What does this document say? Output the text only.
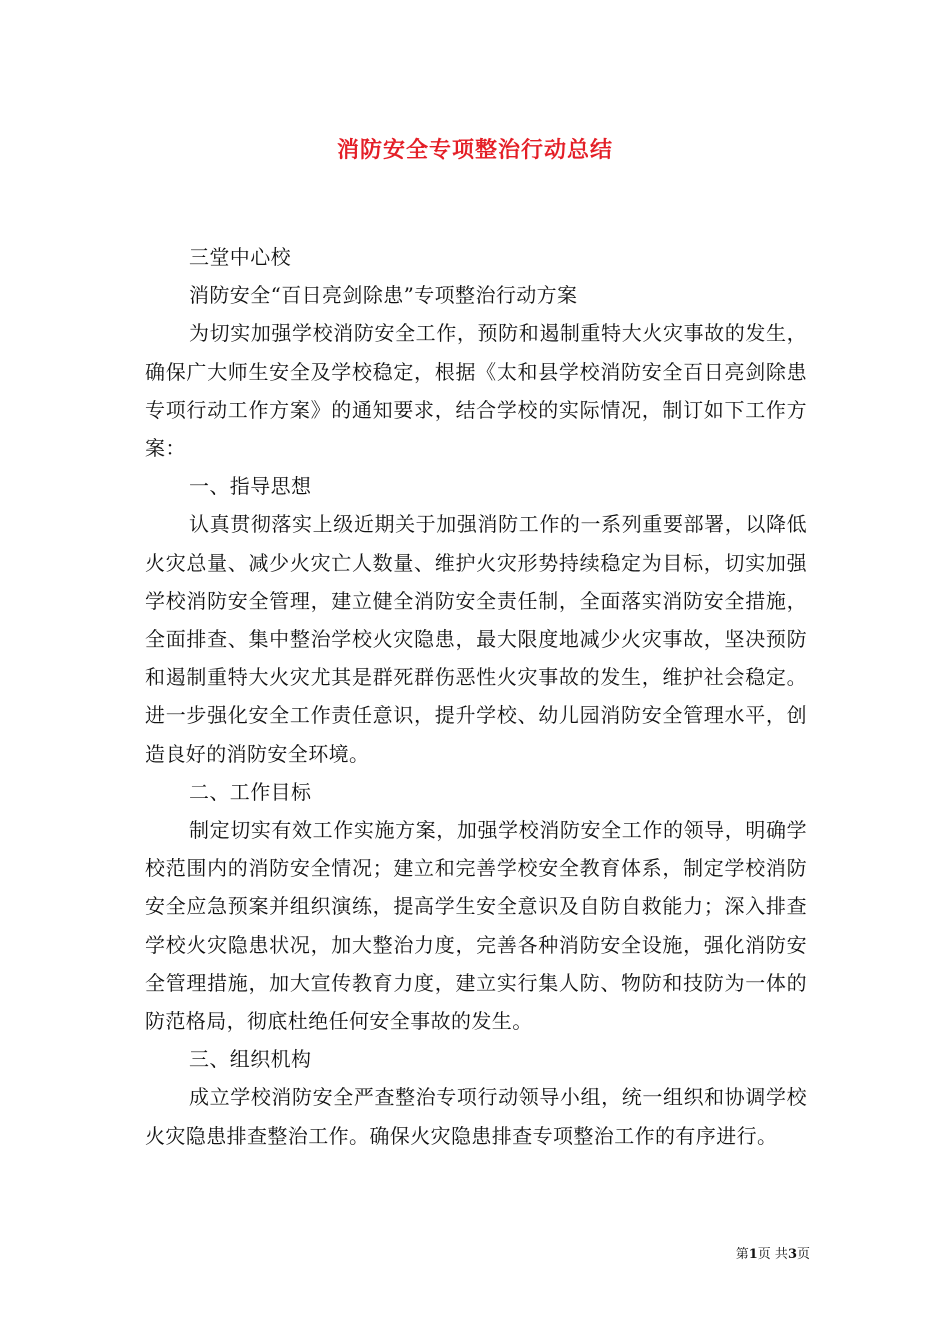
消防安全专项整治行动总结

三堂中心校

消防安全“百日亮剑除患”专项整治行动方案

为切实加强学校消防安全工作，预防和遏制重特大火灾事故的发生，确保广大师生安全及学校稳定，根据《太和县学校消防安全百日亮剑除患专项行动工作方案》的通知要求，结合学校的实际情况，制订如下工作方案：

一、指导思想

认真贯彻落实上级近期关于加强消防工作的一系列重要部署，以降低火灾总量、减少火灾亡人数量、维护火灾形势持续稳定为目标，切实加强学校消防安全管理，建立健全消防安全责任制，全面落实消防安全措施，全面排查、集中整治学校火灾隐患，最大限度地减少火灾事故，坚决预防和遏制重特大火灾尤其是群死群伤恶性火灾事故的发生，维护社会稳定。进一步强化安全工作责任意识，提升学校、幼儿园消防安全管理水平，创造良好的消防安全环境。

二、工作目标

制定切实有效工作实施方案，加强学校消防安全工作的领导，明确学校范围内的消防安全情况；建立和完善学校安全教育体系，制定学校消防安全应急预案并组织演练，提高学生安全意识及自防自救能力；深入排查学校火灾隐患状况，加大整治力度，完善各种消防安全设施，强化消防安全管理措施，加大宣传教育力度，建立实行集人防、物防和技防为一体的防范格局，彻底杜绝任何安全事故的发生。

三、组织机构

成立学校消防安全严查整治专项行动领导小组，统一组织和协调学校火灾隐患排查整治工作。确保火灾隐患排查专项整治工作的有序进行。

第1页 共3页
